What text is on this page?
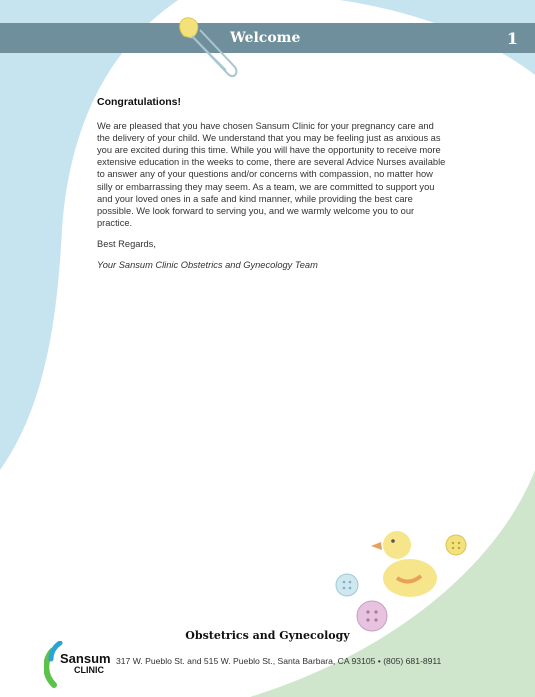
Welcome	1

Congratulations!

We are pleased that you have chosen Sansum Clinic for your pregnancy care and the delivery of your child. We understand that you may be feeling just as anxious as you are excited during this time. While you will have the opportunity to receive more extensive education in the weeks to come, there are several Advice Nurses available to answer any of your questions and/or concerns with compassion, no matter how silly or embarrassing they may seem. As a team, we are committed to support you and your loved ones in a safe and kind manner, while providing the best care possible. We look forward to serving you, and we warmly welcome you to our practice.

Best Regards,

Your Sansum Clinic Obstetrics and Gynecology Team

Obstetrics and Gynecology
Sansum
CLINIC
317 W. Pueblo St. and 515 W. Pueblo St., Santa Barbara, CA 93105 • (805) 681-8911
